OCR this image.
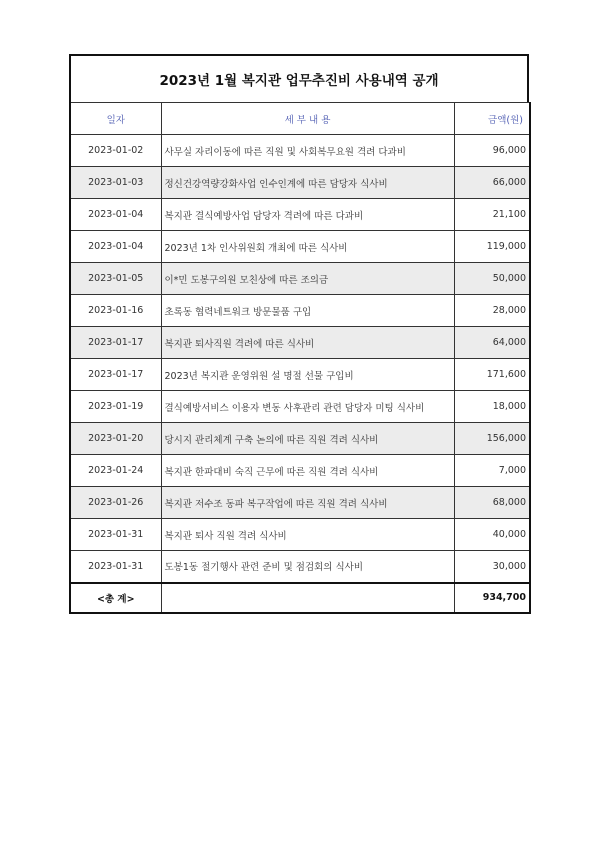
2023년 1월 복지관 업무추진비 사용내역 공개
일자	세 부 내 용	금액(원)
2023-01-02	사무실 자리이동에 따른 직원 및 사회복무요원 격려 다과비	96,000
2023-01-03	정신건강역량강화사업 인수인계에 따른 담당자 식사비	66,000
2023-01-04	복지관 결식예방사업 담당자 격려에 따른 다과비	21,100
2023-01-04	2023년 1차 인사위원회 개최에 따른 식사비	119,000
2023-01-05	이*민 도봉구의원 모친상에 따른 조의금	50,000
2023-01-16	초록동 협력네트워크 방문물품 구입	28,000
2023-01-17	복지관 퇴사직원 격려에 따른 식사비	64,000
2023-01-17	2023년 복지관 운영위원 설 명절 선물 구입비	171,600
2023-01-19	결식예방서비스 이용자 변동 사후관리 관련 담당자 미팅 식사비	18,000
2023-01-20	당시지 관리체계 구축 논의에 따른 직원 격려 식사비	156,000
2023-01-24	복지관 한파대비 숙직 근무에 따른 직원 격려 식사비	7,000
2023-01-26	복지관 저수조 동파 복구작업에 따른 직원 격려 식사비	68,000
2023-01-31	복지관 퇴사 직원 격려 식사비	40,000
2023-01-31	도봉1동 절기행사 관련 준비 및 점검회의 식사비	30,000
<총 계>		934,700
